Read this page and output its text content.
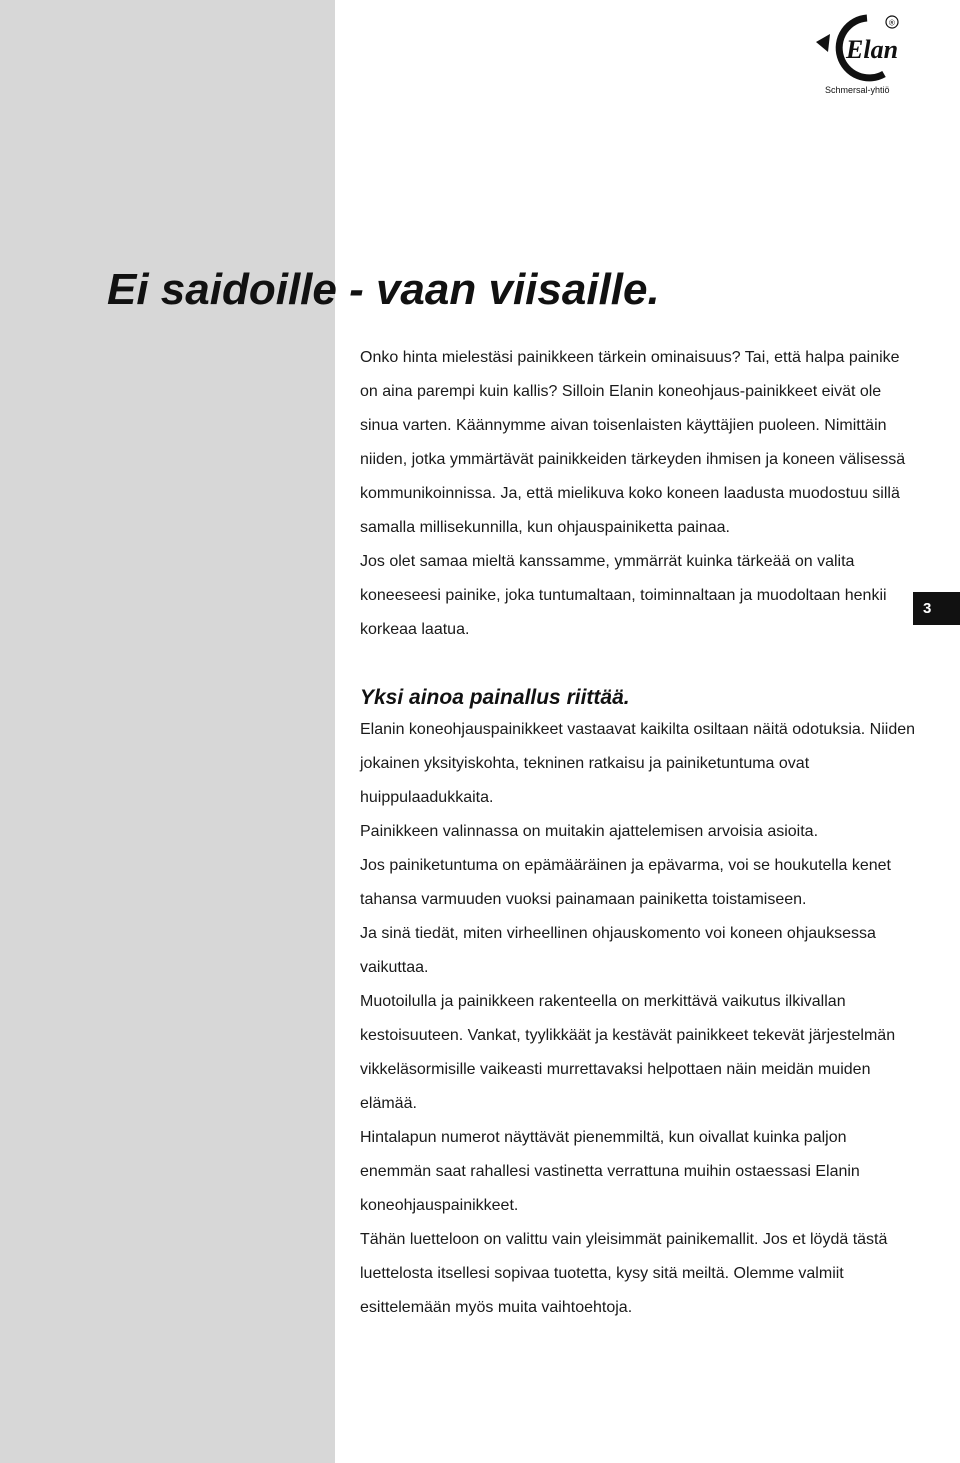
®
Elan
Schmersal-yhtiö
Ei saidoille - vaan viisaille.

Onko hinta mielestäsi painikkeen tärkein ominaisuus? Tai, että halpa painike on aina parempi kuin kallis? Silloin Elanin koneohjaus-painikkeet eivät ole sinua varten. Käännymme aivan toisenlaisten käyttäjien puoleen. Nimittäin niiden, jotka ymmärtävät painikkeiden tärkeyden ihmisen ja koneen välisessä kommunikoinnissa. Ja, että mielikuva koko koneen laadusta muodostuu sillä samalla millisekunnilla, kun ohjauspainiketta painaa.

Jos olet samaa mieltä kanssamme, ymmärrät kuinka tärkeää on valita koneeseesi painike, joka tuntumaltaan, toiminnaltaan ja muodoltaan henkii korkeaa laatua.

Yksi ainoa painallus riittää.

Elanin koneohjauspainikkeet vastaavat kaikilta osiltaan näitä odotuksia. Niiden jokainen yksityiskohta, tekninen ratkaisu ja painiketuntuma ovat huippulaadukkaita.

Painikkeen valinnassa on muitakin ajattelemisen arvoisia asioita.

Jos painiketuntuma on epämääräinen ja epävarma, voi se houkutella kenet tahansa varmuuden vuoksi painamaan painiketta toistamiseen.

Ja sinä tiedät, miten virheellinen ohjauskomento voi koneen ohjauksessa vaikuttaa.

Muotoilulla ja painikkeen rakenteella on merkittävä vaikutus ilkivallan kestoisuuteen. Vankat, tyylikkäät ja kestävät painikkeet tekevät järjestelmän vikkeläsormisille vaikeasti murrettavaksi helpottaen näin meidän muiden elämää.

Hintalapun numerot näyttävät pienemmiltä, kun oivallat kuinka paljon enemmän saat rahallesi vastinetta verrattuna muihin ostaessasi Elanin koneohjauspainikkeet.

Tähän luetteloon on valittu vain yleisimmät painikemallit. Jos et löydä tästä luettelosta itsellesi sopivaa tuotetta, kysy sitä meiltä. Olemme valmiit esittelemään myös muita vaihtoehtoja.

3
